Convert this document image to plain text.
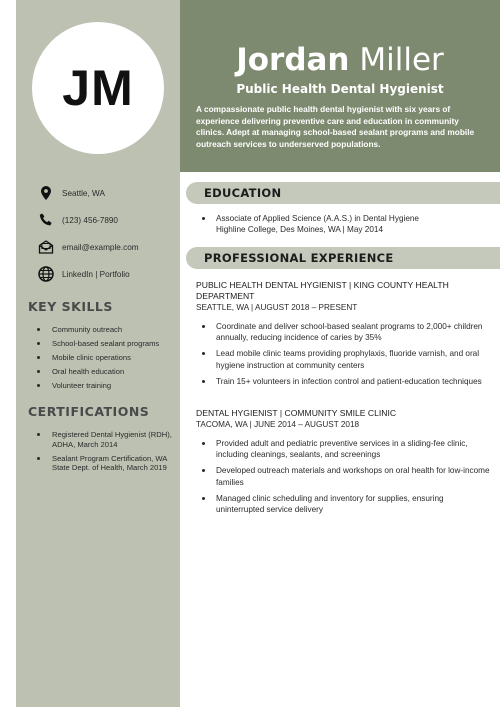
JM	Jordan Miller
Public Health Dental Hygienist
A compassionate public health dental hygienist with six years of experience delivering preventive care and education in community clinics. Adept at managing school-based sealant programs and mobile outreach services to underserved populations.
Seattle, WA
(123) 456-7890
email@example.com
LinkedIn | Portfolio
KEY SKILLS
Community outreach
School-based sealant programs
Mobile clinic operations
Oral health education
Volunteer training
CERTIFICATIONS
Registered Dental Hygienist (RDH), ADHA, March 2014
Sealant Program Certification, WA State Dept. of Health, March 2019
EDUCATION
Associate of Applied Science (A.A.S.) in Dental Hygiene
Highline College, Des Moines, WA | May 2014
PROFESSIONAL EXPERIENCE
PUBLIC HEALTH DENTAL HYGIENIST | KING COUNTY HEALTH DEPARTMENT
SEATTLE, WA | AUGUST 2018 – PRESENT
Coordinate and deliver school-based sealant programs to 2,000+ children annually, reducing incidence of caries by 35%
Lead mobile clinic teams providing prophylaxis, fluoride varnish, and oral hygiene instruction at community centers
Train 15+ volunteers in infection control and patient-education techniques
DENTAL HYGIENIST | COMMUNITY SMILE CLINIC
TACOMA, WA | JUNE 2014 – AUGUST 2018
Provided adult and pediatric preventive services in a sliding-fee clinic, including cleanings, sealants, and screenings
Developed outreach materials and workshops on oral health for low-income families
Managed clinic scheduling and inventory for supplies, ensuring uninterrupted service delivery
